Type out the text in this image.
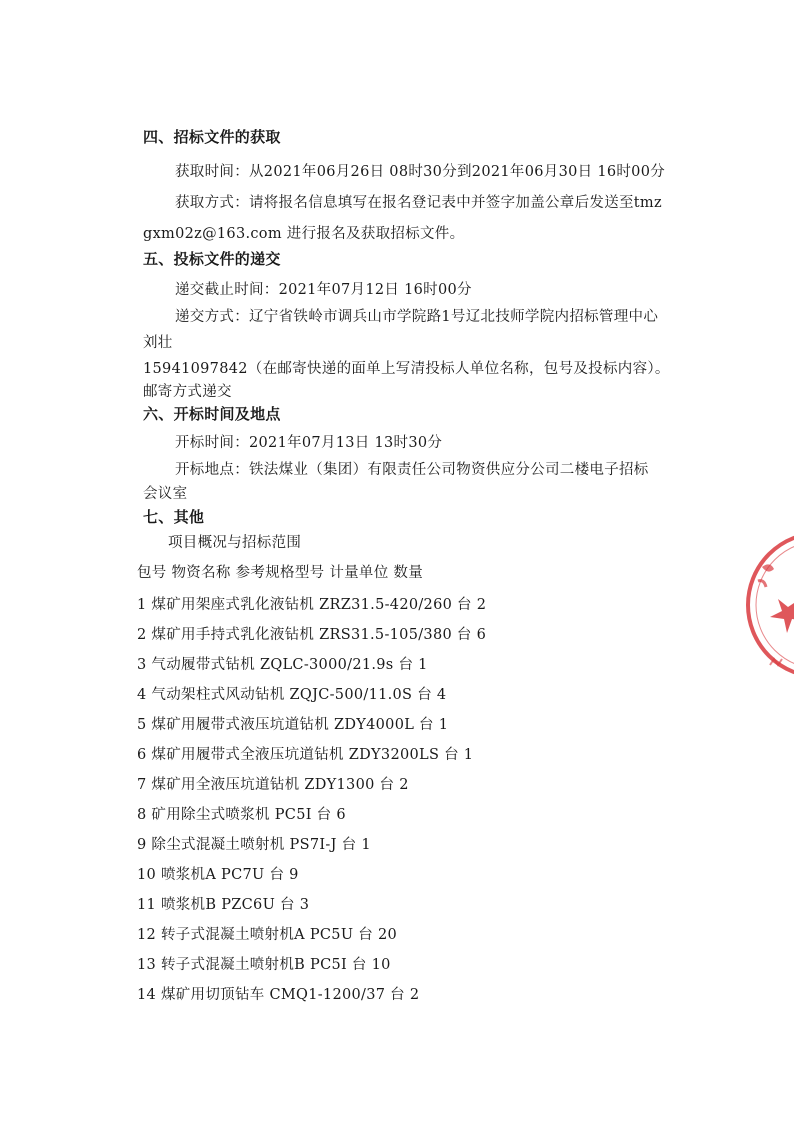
四、招标文件的获取
获取时间：从2021年06月26日 08时30分到2021年06月30日 16时00分
获取方式：请将报名信息填写在报名登记表中并签字加盖公章后发送至tmz
gxm02z@163.com 进行报名及获取招标文件。
五、投标文件的递交
递交截止时间：2021年07月12日 16时00分
递交方式：辽宁省铁岭市调兵山市学院路1号辽北技师学院内招标管理中心
刘壮
15941097842（在邮寄快递的面单上写清投标人单位名称，包号及投标内容）。
邮寄方式递交
六、开标时间及地点
开标时间：2021年07月13日 13时30分
开标地点：铁法煤业（集团）有限责任公司物资供应分公司二楼电子招标
会议室
七、其他
项目概况与招标范围
包号 物资名称 参考规格型号 计量单位 数量
1 煤矿用架座式乳化液钻机 ZRZ31.5-420/260 台 2
2 煤矿用手持式乳化液钻机 ZRS31.5-105/380 台 6
3 气动履带式钻机 ZQLC-3000/21.9s 台 1
4 气动架柱式风动钻机 ZQJC-500/11.0S 台 4
5 煤矿用履带式液压坑道钻机 ZDY4000L 台 1
6 煤矿用履带式全液压坑道钻机 ZDY3200LS 台 1
7 煤矿用全液压坑道钻机 ZDY1300 台 2
8 矿用除尘式喷浆机 PC5I 台 6
9 除尘式混凝土喷射机 PS7I-J 台 1
10 喷浆机A PC7U 台 9
11 喷浆机B PZC6U 台 3
12 转子式混凝土喷射机A PC5U 台 20
13 转子式混凝土喷射机B PC5I 台 10
14 煤矿用切顶钻车 CMQ1-1200/37 台 2
